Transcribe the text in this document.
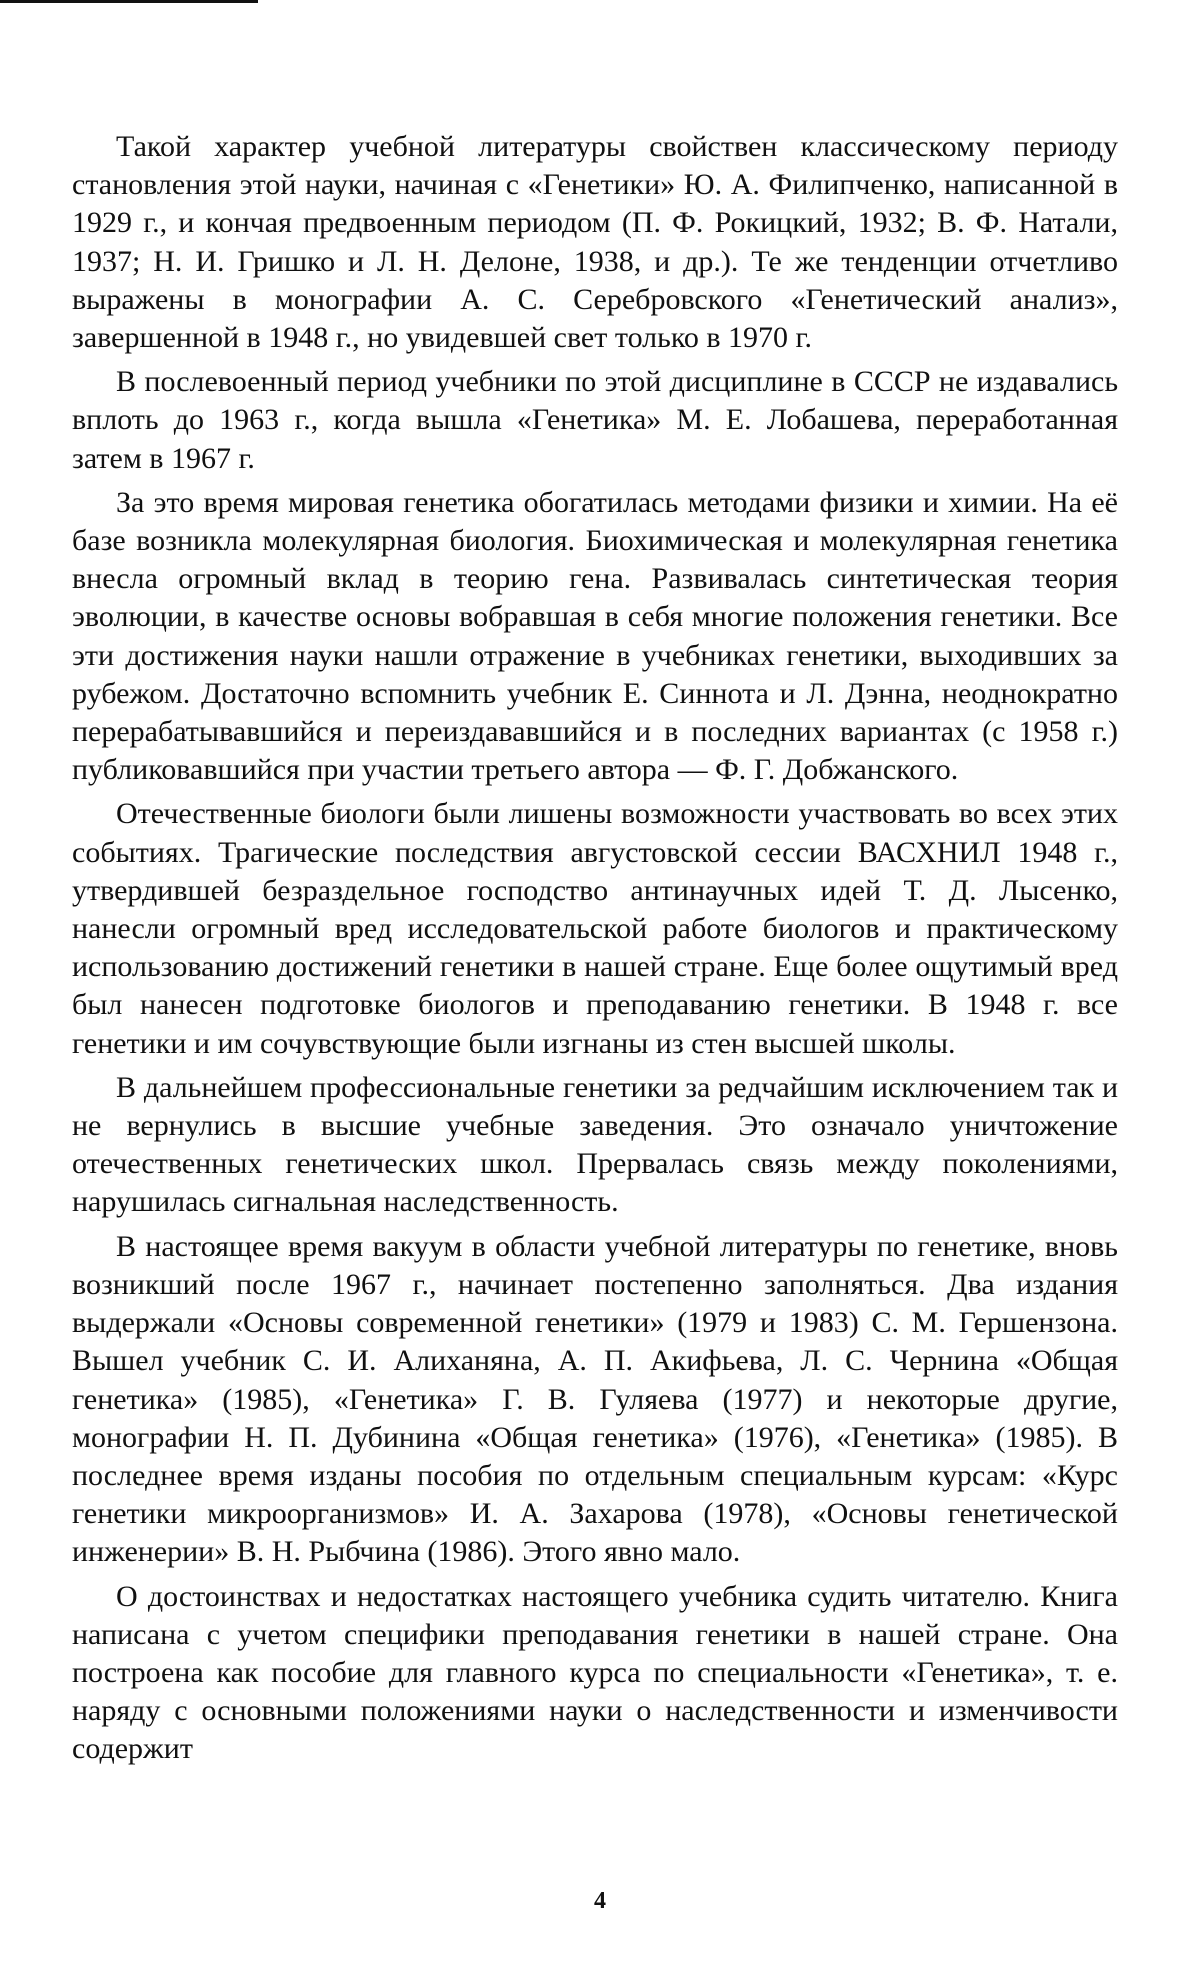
Такой характер учебной литературы свойствен классическому периоду становления этой науки, начиная с «Генетики» Ю. А. Филипченко, написанной в 1929 г., и кончая предвоенным периодом (П. Ф. Рокицкий, 1932; В. Ф. Натали, 1937; Н. И. Гришко и Л. Н. Делоне, 1938, и др.). Те же тенденции отчетливо выражены в монографии А. С. Серебровского «Генетический анализ», завершенной в 1948 г., но увидевшей свет только в 1970 г.

В послевоенный период учебники по этой дисциплине в СССР не издавались вплоть до 1963 г., когда вышла «Генетика» М. Е. Лобашева, переработанная затем в 1967 г.

За это время мировая генетика обогатилась методами физики и химии. На её базе возникла молекулярная биология. Биохимическая и молекулярная генетика внесла огромный вклад в теорию гена. Развивалась синтетическая теория эволюции, в качестве основы вобравшая в себя многие положения генетики. Все эти достижения науки нашли отражение в учебниках генетики, выходивших за рубежом. Достаточно вспомнить учебник Е. Синнота и Л. Дэнна, неоднократно перерабатывавшийся и переиздававшийся и в последних вариантах (с 1958 г.) публиковавшийся при участии третьего автора — Ф. Г. Добжанского.

Отечественные биологи были лишены возможности участвовать во всех этих событиях. Трагические последствия августовской сессии ВАСХНИЛ 1948 г., утвердившей безраздельное господство антинаучных идей Т. Д. Лысенко, нанесли огромный вред исследовательской работе биологов и практическому использованию достижений генетики в нашей стране. Еще более ощутимый вред был нанесен подготовке биологов и преподаванию генетики. В 1948 г. все генетики и им сочувствующие были изгнаны из стен высшей школы.

В дальнейшем профессиональные генетики за редчайшим исключением так и не вернулись в высшие учебные заведения. Это означало уничтожение отечественных генетических школ. Прервалась связь между поколениями, нарушилась сигнальная наследственность.

В настоящее время вакуум в области учебной литературы по генетике, вновь возникший после 1967 г., начинает постепенно заполняться. Два издания выдержали «Основы современной генетики» (1979 и 1983) С. М. Гершензона. Вышел учебник С. И. Алиханяна, А. П. Акифьева, Л. С. Чернина «Общая генетика» (1985), «Генетика» Г. В. Гуляева (1977) и некоторые другие, монографии Н. П. Дубинина «Общая генетика» (1976), «Генетика» (1985). В последнее время изданы пособия по отдельным специальным курсам: «Курс генетики микроорганизмов» И. А. Захарова (1978), «Основы генетической инженерии» В. Н. Рыбчина (1986). Этого явно мало.

О достоинствах и недостатках настоящего учебника судить читателю. Книга написана с учетом специфики преподавания генетики в нашей стране. Она построена как пособие для главного курса по специальности «Генетика», т. е. наряду с основными положениями науки о наследственности и изменчивости содержит

4
